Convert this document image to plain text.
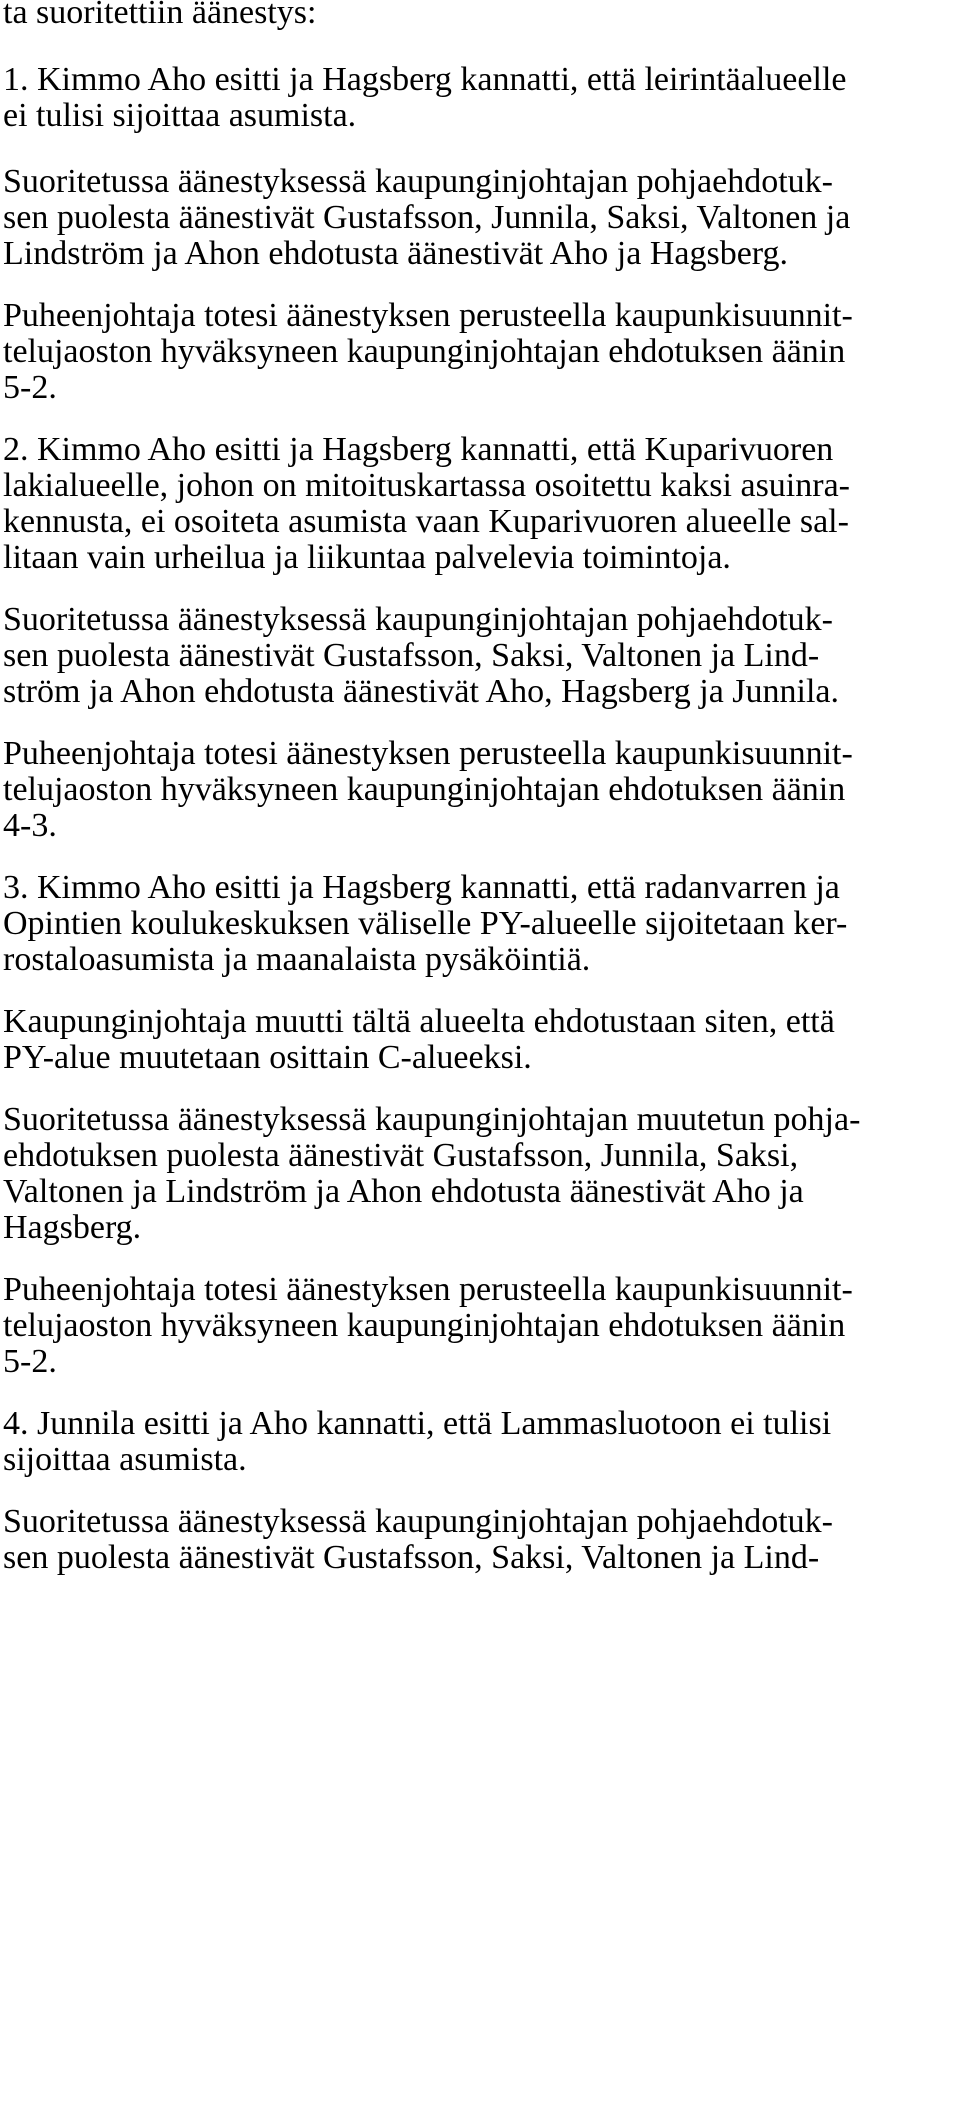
ta suoritettiin äänestys:
1. Kimmo Aho esitti ja Hagsberg kannatti, että leirintäalueelle
ei tulisi sijoittaa asumista.
Suoritetussa äänestyksessä kaupunginjohtajan pohjaehdotuk-
sen puolesta äänestivät Gustafsson, Junnila, Saksi, Valtonen ja
Lindström ja Ahon ehdotusta äänestivät Aho ja Hagsberg.
Puheenjohtaja totesi äänestyksen perusteella kaupunkisuunnit-
telujaoston hyväksyneen kaupunginjohtajan ehdotuksen äänin
5-2.
2. Kimmo Aho esitti ja Hagsberg kannatti, että Kuparivuoren
lakialueelle, johon on mitoituskartassa osoitettu kaksi asuinra-
kennusta, ei osoiteta asumista vaan Kuparivuoren alueelle sal-
litaan vain urheilua ja liikuntaa palvelevia toimintoja.
Suoritetussa äänestyksessä kaupunginjohtajan pohjaehdotuk-
sen puolesta äänestivät Gustafsson, Saksi, Valtonen ja Lind-
ström ja Ahon ehdotusta äänestivät Aho, Hagsberg ja Junnila.
Puheenjohtaja totesi äänestyksen perusteella kaupunkisuunnit-
telujaoston hyväksyneen kaupunginjohtajan ehdotuksen äänin
4-3.
3. Kimmo Aho esitti ja Hagsberg kannatti, että radanvarren ja
Opintien koulukeskuksen väliselle PY-alueelle sijoitetaan ker-
rostaloasumista ja maanalaista pysäköintiä.
Kaupunginjohtaja muutti tältä alueelta ehdotustaan siten, että
PY-alue muutetaan osittain C-alueeksi.
Suoritetussa äänestyksessä kaupunginjohtajan muutetun pohja-
ehdotuksen puolesta äänestivät Gustafsson, Junnila, Saksi,
Valtonen ja Lindström ja Ahon ehdotusta äänestivät Aho ja
Hagsberg.
Puheenjohtaja totesi äänestyksen perusteella kaupunkisuunnit-
telujaoston hyväksyneen kaupunginjohtajan ehdotuksen äänin
5-2.
4. Junnila esitti ja Aho kannatti, että Lammasluotoon ei tulisi
sijoittaa asumista.
Suoritetussa äänestyksessä kaupunginjohtajan pohjaehdotuk-
sen puolesta äänestivät Gustafsson, Saksi, Valtonen ja Lind-
